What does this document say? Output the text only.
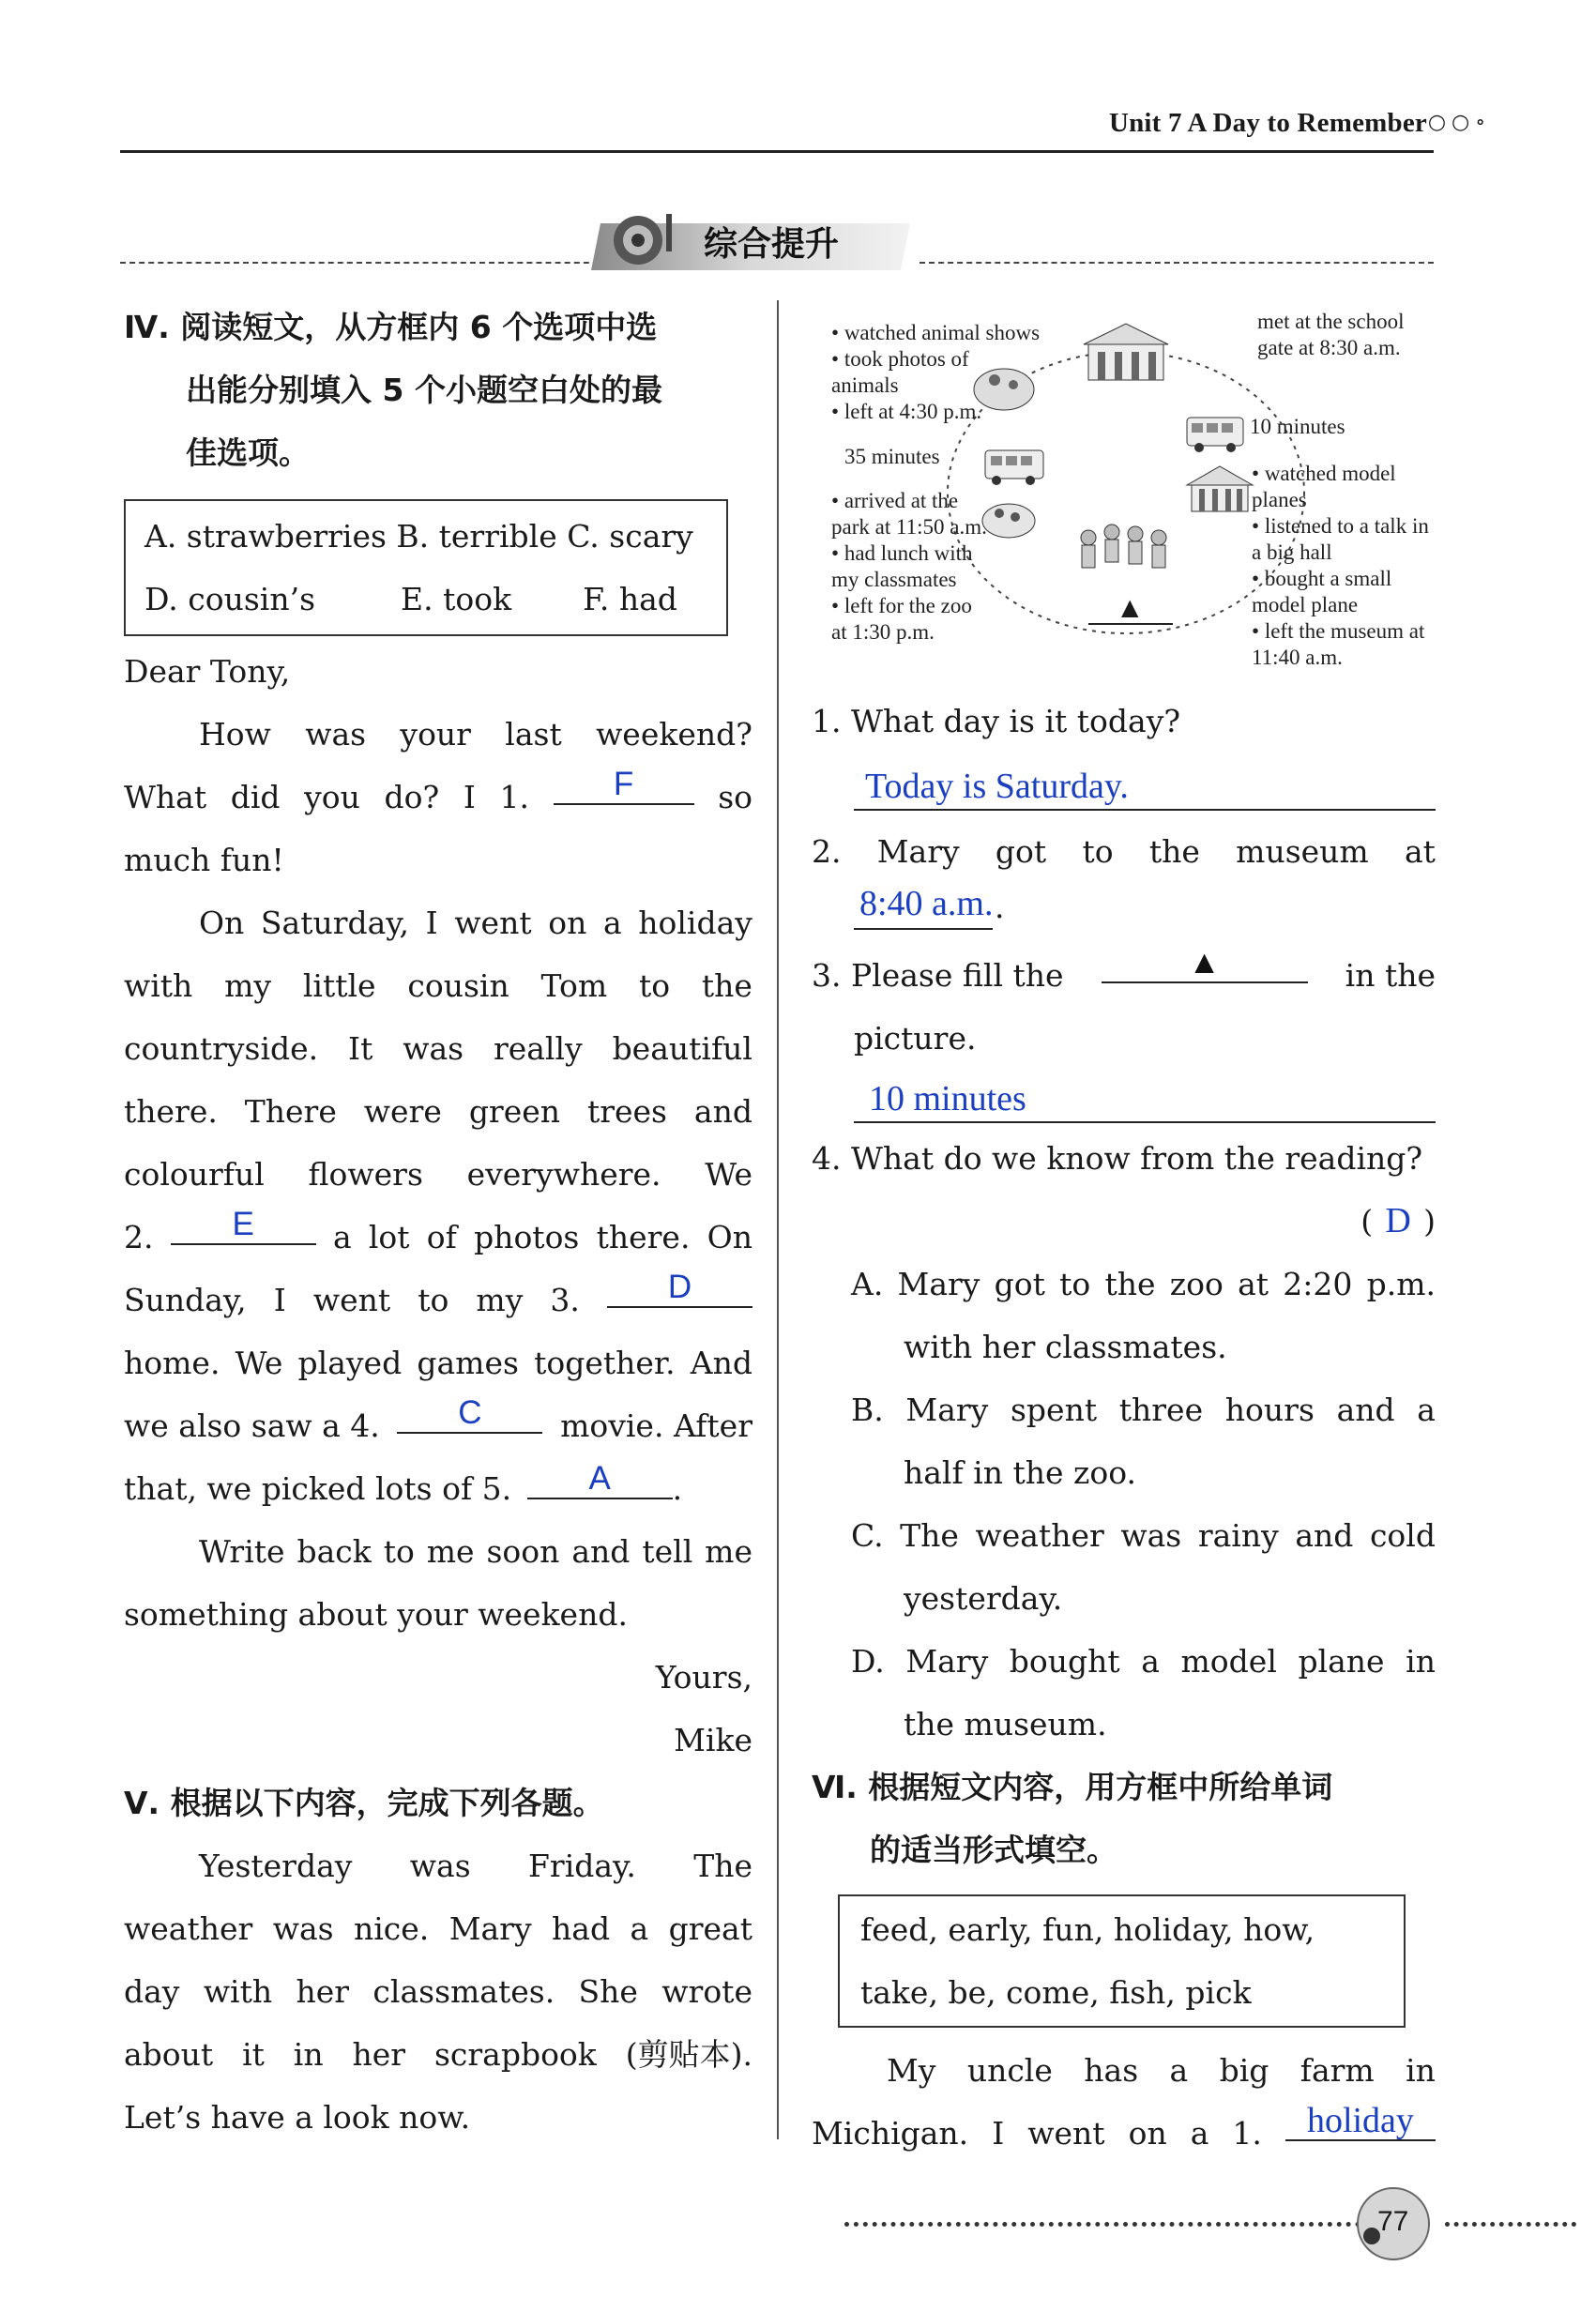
Unit 7 A Day to Remember ○○∘
综合提升
Ⅳ. 阅读短文，从方框内 6 个选项中选
出能分别填入 5 个小题空白处的最
佳选项。
A. strawberries B. terrible C. scary
D. cousin’s	E. took F. had
Dear Tony,
How was your last weekend?
What did you do? I 1.	F	so
much fun!
On Saturday, I went on a holiday
with my little cousin Tom to the
countryside. It was really beautiful
there. There were green trees and
colourful flowers everywhere. We
2.	E	a lot of photos there. On
Sunday, I went to my 3.	D
home. We played games together. And
we also saw a 4.	C	movie. After
that, we picked lots of 5.	A	.
Write back to me soon and tell me
something about your weekend.
Yours,
Mike
Ⅴ. 根据以下内容，完成下列各题。
Yesterday was Friday. The
weather was nice. Mary had a great
day with her classmates. She wrote
about it in her scrapbook (剪贴本).
Let’s have a look now.
▲
• watched animal shows
• took photos of animals
• left at 4:30 p.m.
met at the school gate at 8:30 a.m.
35 minutes
10 minutes
• arrived at the park at 11:50 a.m.
• had lunch with my classmates
• left for the zoo at 1:30 p.m.
• watched model planes
• listened to a talk in a big hall
• bought a small model plane
• left the museum at 11:40 a.m.
1. What day is it today?
Today is Saturday.
2. Mary got to the museum at
8:40 a.m. .
3. Please fill the	▲	in the
picture.
10 minutes
4. What do we know from the reading?
( D )
A. Mary got to the zoo at 2:20 p.m.
with her classmates.
B. Mary spent three hours and a
half in the zoo.
C. The weather was rainy and cold
yesterday.
D. Mary bought a model plane in
the museum.
Ⅵ. 根据短文内容，用方框中所给单词
的适当形式填空。
feed, early, fun, holiday, how,
take, be, come, fish, pick
My uncle has a big farm in
Michigan. I went on a 1.	holiday
77
